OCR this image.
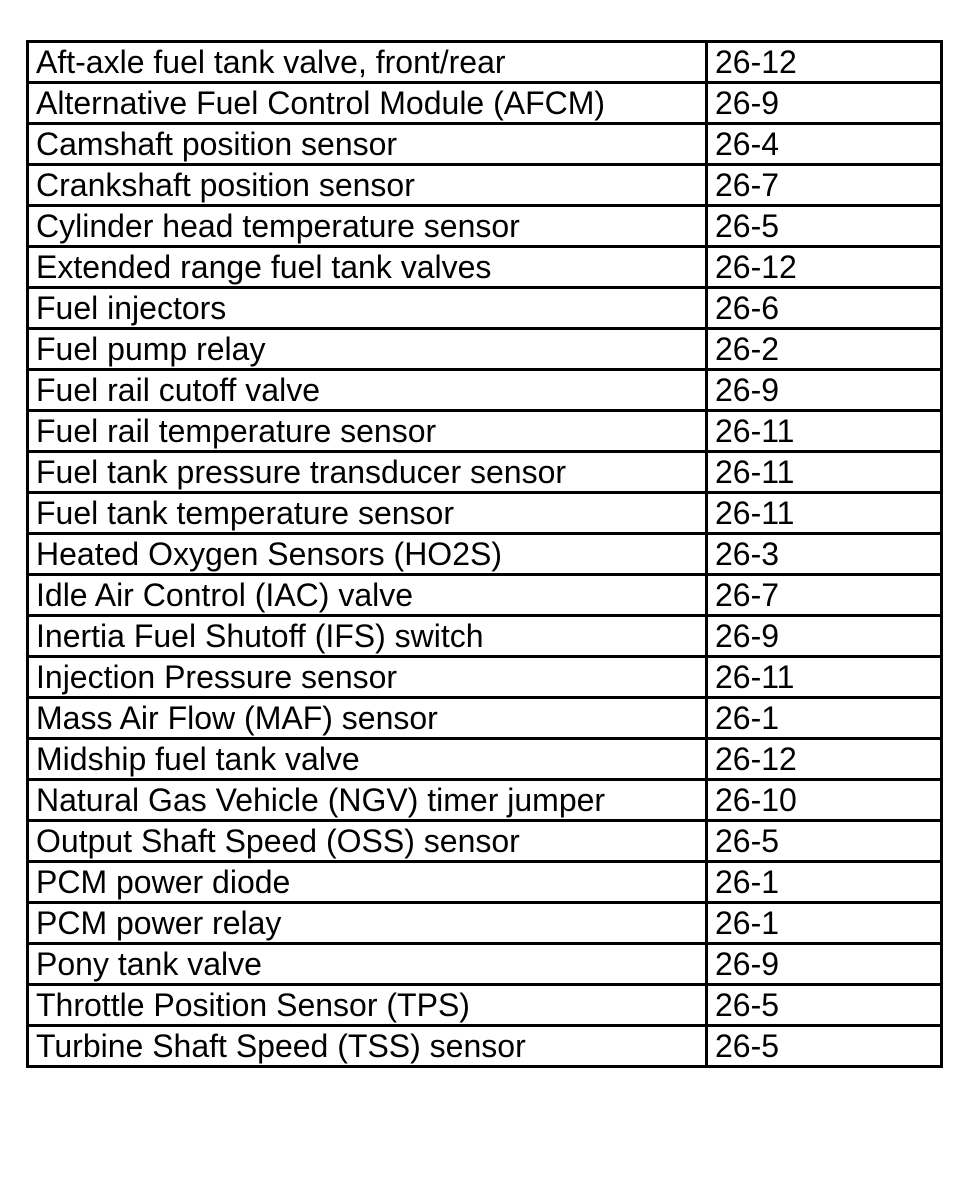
Aft-axle fuel tank valve, front/rear	26-12
Alternative Fuel Control Module (AFCM)	26-9
Camshaft position sensor	26-4
Crankshaft position sensor	26-7
Cylinder head temperature sensor	26-5
Extended range fuel tank valves	26-12
Fuel injectors	26-6
Fuel pump relay	26-2
Fuel rail cutoff valve	26-9
Fuel rail temperature sensor	26-11
Fuel tank pressure transducer sensor	26-11
Fuel tank temperature sensor	26-11
Heated Oxygen Sensors (HO2S)	26-3
Idle Air Control (IAC) valve	26-7
Inertia Fuel Shutoff (IFS) switch	26-9
Injection Pressure sensor	26-11
Mass Air Flow (MAF) sensor	26-1
Midship fuel tank valve	26-12
Natural Gas Vehicle (NGV) timer jumper	26-10
Output Shaft Speed (OSS) sensor	26-5
PCM power diode	26-1
PCM power relay	26-1
Pony tank valve	26-9
Throttle Position Sensor (TPS)	26-5
Turbine Shaft Speed (TSS) sensor	26-5
